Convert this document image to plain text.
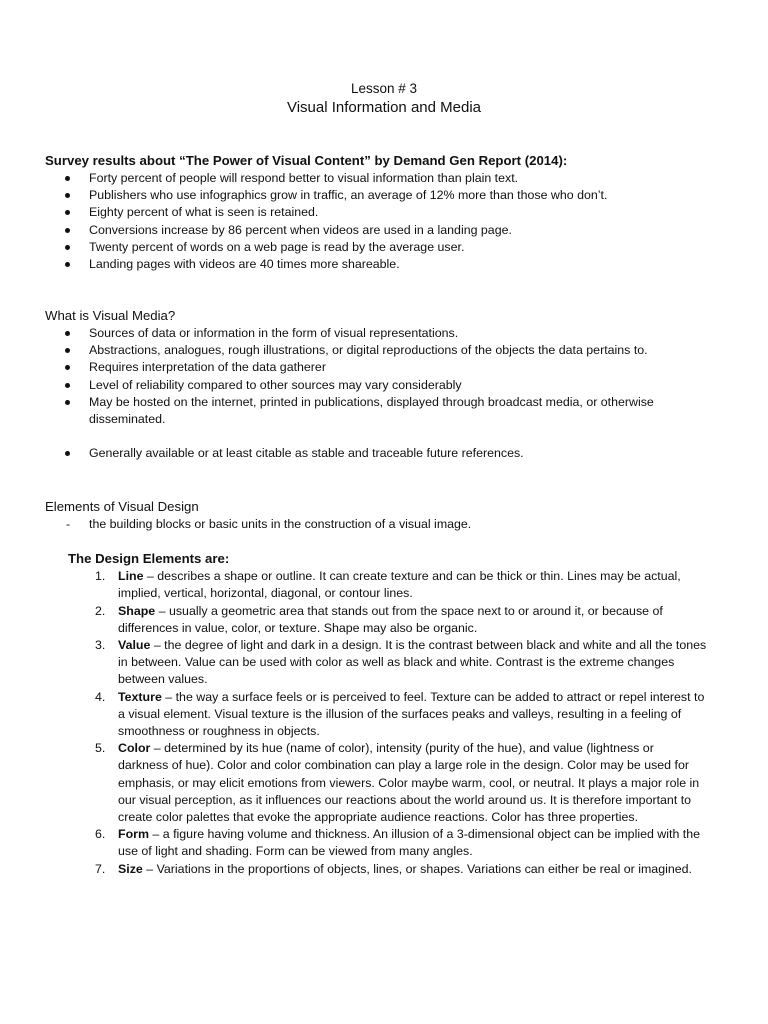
Lesson # 3
Visual Information and Media
Survey results about “The Power of Visual Content” by Demand Gen Report (2014):
Forty percent of people will respond better to visual information than plain text.
Publishers who use infographics grow in traffic, an average of 12% more than those who don’t.
Eighty percent of what is seen is retained.
Conversions increase by 86 percent when videos are used in a landing page.
Twenty percent of words on a web page is read by the average user.
Landing pages with videos are 40 times more shareable.
What is Visual Media?
Sources of data or information in the form of visual representations.
Abstractions, analogues, rough illustrations, or digital reproductions of the objects the data pertains to.
Requires interpretation of the data gatherer
Level of reliability compared to other sources may vary considerably
May be hosted on the internet, printed in publications, displayed through broadcast media, or otherwise disseminated.
Generally available or at least citable as stable and traceable future references.
Elements of Visual Design
- the building blocks or basic units in the construction of a visual image.
The Design Elements are:
1. Line – describes a shape or outline. It can create texture and can be thick or thin. Lines may be actual, implied, vertical, horizontal, diagonal, or contour lines.
2. Shape – usually a geometric area that stands out from the space next to or around it, or because of differences in value, color, or texture. Shape may also be organic.
3. Value – the degree of light and dark in a design. It is the contrast between black and white and all the tones in between. Value can be used with color as well as black and white. Contrast is the extreme changes between values.
4. Texture – the way a surface feels or is perceived to feel. Texture can be added to attract or repel interest to a visual element. Visual texture is the illusion of the surfaces peaks and valleys, resulting in a feeling of smoothness or roughness in objects.
5. Color – determined by its hue (name of color), intensity (purity of the hue), and value (lightness or darkness of hue). Color and color combination can play a large role in the design. Color may be used for emphasis, or may elicit emotions from viewers. Color maybe warm, cool, or neutral. It plays a major role in our visual perception, as it influences our reactions about the world around us. It is therefore important to create color palettes that evoke the appropriate audience reactions. Color has three properties.
6. Form – a figure having volume and thickness. An illusion of a 3-dimensional object can be implied with the use of light and shading. Form can be viewed from many angles.
7. Size – Variations in the proportions of objects, lines, or shapes. Variations can either be real or imagined.
